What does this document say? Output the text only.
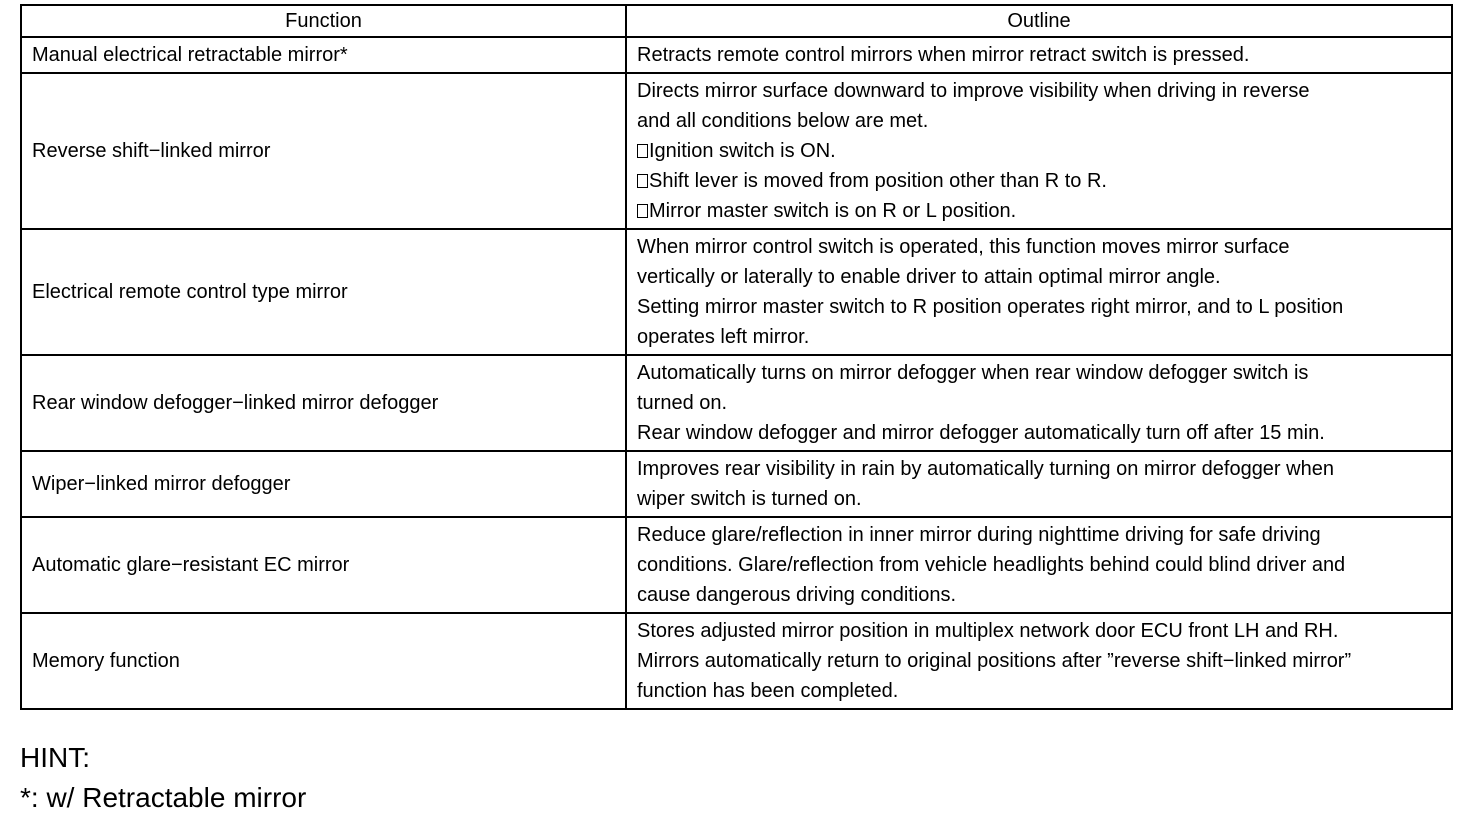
Function	Outline
Manual electrical retractable mirror*	Retracts remote control mirrors when mirror retract switch is pressed.

Reverse shift−linked mirror	Directs mirror surface downward to improve visibility when driving in reverse
and all conditions below are met.
Ignition switch is ON.
Shift lever is moved from position other than R to R.
Mirror master switch is on R or L position.

Electrical remote control type mirror	When mirror control switch is operated, this function moves mirror surface
vertically or laterally to enable driver to attain optimal mirror angle.
Setting mirror master switch to R position operates right mirror, and to L position
operates left mirror.

Rear window defogger−linked mirror defogger	Automatically turns on mirror defogger when rear window defogger switch is
turned on.
Rear window defogger and mirror defogger automatically turn off after 15 min.

Wiper−linked mirror defogger	Improves rear visibility in rain by automatically turning on mirror defogger when
wiper switch is turned on.

Automatic glare−resistant EC mirror	Reduce glare/reflection in inner mirror during nighttime driving for safe driving
conditions. Glare/reflection from vehicle headlights behind could blind driver and
cause dangerous driving conditions.

Memory function	Stores adjusted mirror position in multiplex network door ECU front LH and RH.
Mirrors automatically return to original positions after ”reverse shift−linked mirror”
function has been completed.
HINT:
*: w/ Retractable mirror
